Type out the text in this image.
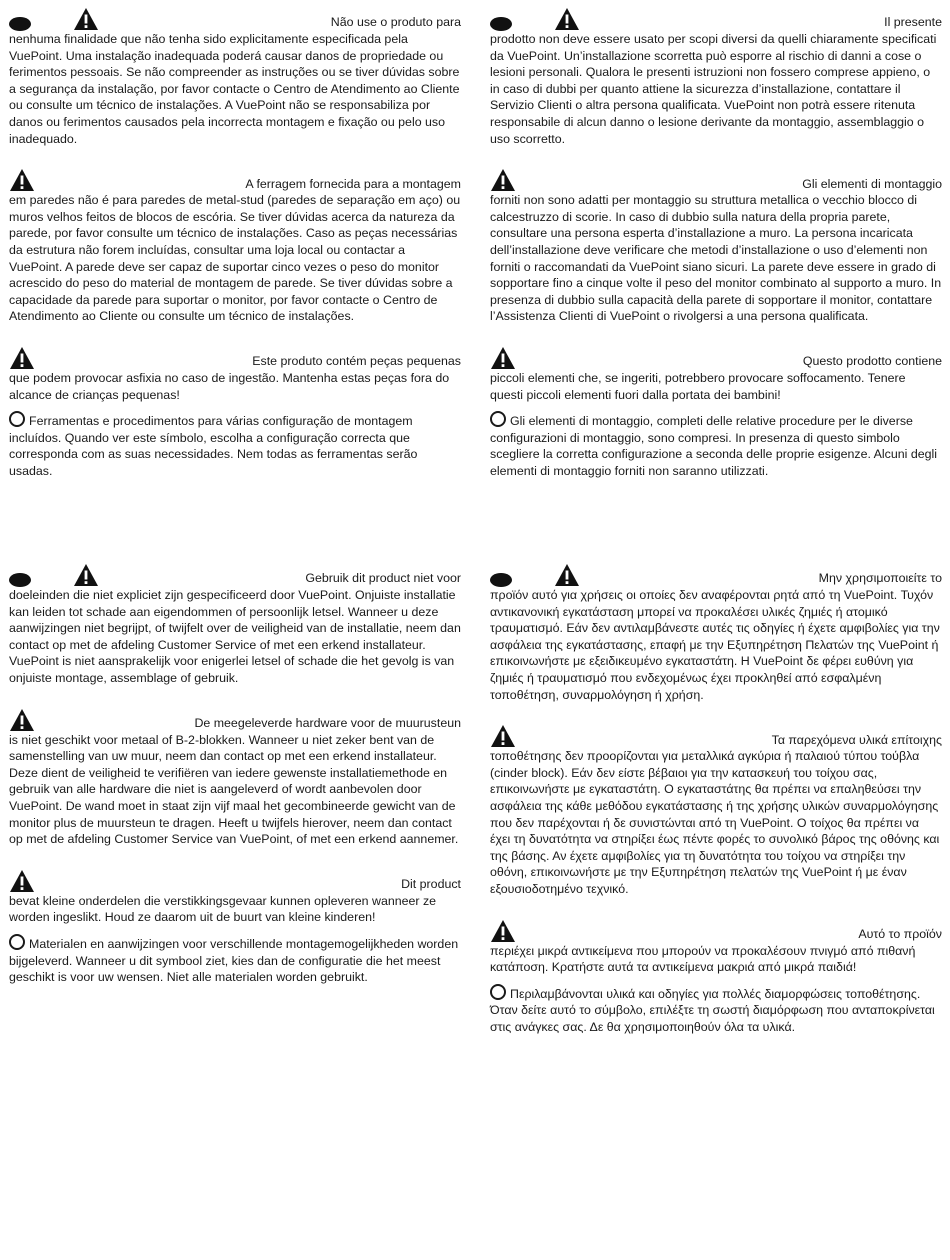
Não use o produto para

nenhuma finalidade que não tenha sido explicitamente especificada pela VuePoint. Uma instalação inadequada poderá causar danos de propriedade ou ferimentos pessoais. Se não compreender as instruções ou se tiver dúvidas sobre a segurança da instalação, por favor contacte o Centro de Atendimento ao Cliente ou consulte um técnico de instalações. A VuePoint não se responsabiliza por danos ou ferimentos causados pela incorrecta montagem e fixação ou pelo uso inadequado.

A ferragem fornecida para a montagem

em paredes não é para paredes de metal-stud (paredes de separação em aço) ou muros velhos feitos de blocos de escória. Se tiver dúvidas acerca da natureza da parede, por favor consulte um técnico de instalações. Caso as peças necessárias da estrutura não forem incluídas, consultar uma loja local ou contactar a VuePoint. A parede deve ser capaz de suportar cinco vezes o peso do monitor acrescido do peso do material de montagem de parede. Se tiver dúvidas sobre a capacidade da parede para suportar o monitor, por favor contacte o Centro de Atendimento ao Cliente ou consulte um técnico de instalações.

Este produto contém peças pequenas

que podem provocar asfixia no caso de ingestão. Mantenha estas peças fora do alcance de crianças pequenas!

Ferramentas e procedimentos para várias configuração de montagem incluídos. Quando ver este símbolo, escolha a configuração correcta que corresponda com as suas necessidades. Nem todas as ferramentas serão usadas.

Il presente

prodotto non deve essere usato per scopi diversi da quelli chiaramente specificati da VuePoint. Un’installazione scorretta può esporre al rischio di danni a cose o lesioni personali. Qualora le presenti istruzioni non fossero comprese appieno, o in caso di dubbi per quanto attiene la sicurezza d’installazione, contattare il Servizio Clienti o altra persona qualificata. VuePoint non potrà essere ritenuta responsabile di alcun danno o lesione derivante da montaggio, assemblaggio o uso scorretto.

Gli elementi di montaggio

forniti non sono adatti per montaggio su struttura metallica o vecchio blocco di calcestruzzo di scorie. In caso di dubbio sulla natura della propria parete, consultare una persona esperta d’installazione a muro. La persona incaricata dell’installazione deve verificare che metodi d’installazione o uso d’elementi non forniti o raccomandati da VuePoint siano sicuri. La parete deve essere in grado di sopportare fino a cinque volte il peso del monitor combinato al supporto a muro. In presenza di dubbio sulla capacità della parete di sopportare il monitor, contattare l’Assistenza Clienti di VuePoint o rivolgersi a una persona qualificata.

Questo prodotto contiene

piccoli elementi che, se ingeriti, potrebbero provocare soffocamento. Tenere questi piccoli elementi fuori dalla portata dei bambini!

Gli elementi di montaggio, completi delle relative procedure per le diverse configurazioni di montaggio, sono compresi. In presenza di questo simbolo scegliere la corretta configurazione a seconda delle proprie esigenze. Alcuni degli elementi di montaggio forniti non saranno utilizzati.

Gebruik dit product niet voor

doeleinden die niet expliciet zijn gespecificeerd door VuePoint. Onjuiste installatie kan leiden tot schade aan eigendommen of persoonlijk letsel. Wanneer u deze aanwijzingen niet begrijpt, of twijfelt over de veiligheid van de installatie, neem dan contact op met de afdeling Customer Service of met een erkend installateur. VuePoint is niet aansprakelijk voor enigerlei letsel of schade die het gevolg is van onjuiste montage, assemblage of gebruik.

De meegeleverde hardware voor de muurusteun

is niet geschikt voor metaal of B-2-blokken. Wanneer u niet zeker bent van de samenstelling van uw muur, neem dan contact op met een erkend installateur. Deze dient de veiligheid te verifiëren van iedere gewenste installatiemethode en gebruik van alle hardware die niet is aangeleverd of wordt aanbevolen door VuePoint. De wand moet in staat zijn vijf maal het gecombineerde gewicht van de monitor plus de muursteun te dragen. Heeft u twijfels hierover, neem dan contact op met de afdeling Customer Service van VuePoint, of met een erkend aannemer.

Dit product

bevat kleine onderdelen die verstikkingsgevaar kunnen opleveren wanneer ze worden ingeslikt. Houd ze daarom uit de buurt van kleine kinderen!

Materialen en aanwijzingen voor verschillende montagemogelijkheden worden bijgeleverd. Wanneer u dit symbool ziet, kies dan de configuratie die het meest geschikt is voor uw wensen. Niet alle materialen worden gebruikt.

Μην χρησιμοποιείτε το

προϊόν αυτό για χρήσεις οι οποίες δεν αναφέρονται ρητά από τη VuePoint. Τυχόν αντικανονική εγκατάσταση μπορεί να προκαλέσει υλικές ζημιές ή ατομικό τραυματισμό. Εάν δεν αντιλαμβάνεστε αυτές τις οδηγίες ή έχετε αμφιβολίες για την ασφάλεια της εγκατάστασης, επαφή με την Εξυπηρέτηση Πελατών της VuePoint ή επικοινωνήστε με εξειδικευμένο εγκαταστάτη. Η VuePoint δε φέρει ευθύνη για ζημιές ή τραυματισμό που ενδεχομένως έχει προκληθεί από εσφαλμένη τοποθέτηση, συναρμολόγηση ή χρήση.

Τα παρεχόμενα υλικά επίτοιχης

τοποθέτησης δεν προορίζονται για μεταλλικά αγκύρια ή παλαιού τύπου τούβλα (cinder block). Εάν δεν είστε βέβαιοι για την κατασκευή του τοίχου σας, επικοινωνήστε με εγκαταστάτη. Ο εγκαταστάτης θα πρέπει να επαληθεύσει την ασφάλεια της κάθε μεθόδου εγκατάστασης ή της χρήσης υλικών συναρμολόγησης που δεν παρέχονται ή δε συνιστώνται από τη VuePoint. Ο τοίχος θα πρέπει να έχει τη δυνατότητα να στηρίξει έως πέντε φορές το συνολικό βάρος της οθόνης και της βάσης. Αν έχετε αμφιβολίες για τη δυνατότητα του τοίχου να στηρίξει την οθόνη, επικοινωνήστε με την Εξυπηρέτηση πελατών της VuePoint ή με έναν εξουσιοδοτημένο τεχνικό.

Αυτό το προϊόν

περιέχει μικρά αντικείμενα που μπορούν να προκαλέσουν πνιγμό από πιθανή κατάποση. Κρατήστε αυτά τα αντικείμενα μακριά από μικρά παιδιά!

Περιλαμβάνονται υλικά και οδηγίες για πολλές διαμορφώσεις τοποθέτησης. Όταν δείτε αυτό το σύμβολο, επιλέξτε τη σωστή διαμόρφωση που ανταποκρίνεται στις ανάγκες σας. Δε θα χρησιμοποιηθούν όλα τα υλικά.
